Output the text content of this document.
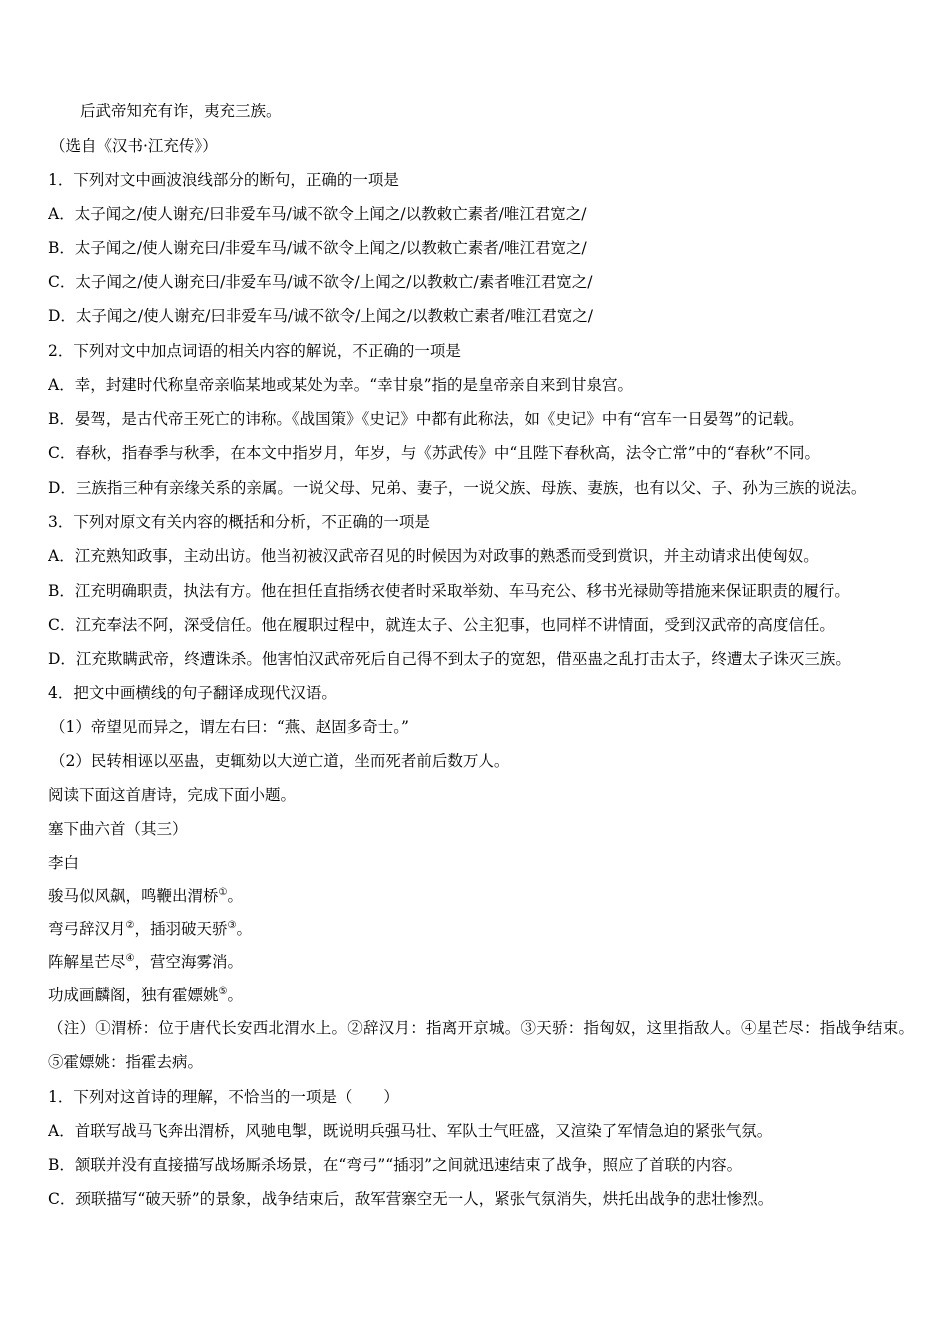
后武帝知充有诈，夷充三族。
（选自《汉书·江充传》）
1．下列对文中画波浪线部分的断句，正确的一项是
A．太子闻之/使人谢充/曰非爱车马/诚不欲令上闻之/以教敕亡素者/唯江君宽之/
B．太子闻之/使人谢充曰/非爱车马/诚不欲令上闻之/以教敕亡素者/唯江君宽之/
C．太子闻之/使人谢充曰/非爱车马/诚不欲令/上闻之/以教敕亡/素者唯江君宽之/
D．太子闻之/使人谢充/曰非爱车马/诚不欲令/上闻之/以教敕亡素者/唯江君宽之/
2．下列对文中加点词语的相关内容的解说，不正确的一项是
A．幸，封建时代称皇帝亲临某地或某处为幸。“幸甘泉”指的是皇帝亲自来到甘泉宫。
B．晏驾，是古代帝王死亡的讳称。《战国策》《史记》中都有此称法，如《史记》中有“宫车一日晏驾”的记载。
C．春秋，指春季与秋季，在本文中指岁月，年岁，与《苏武传》中“且陛下春秋高，法令亡常”中的“春秋”不同。
D．三族指三种有亲缘关系的亲属。一说父母、兄弟、妻子，一说父族、母族、妻族，也有以父、子、孙为三族的说法。
3．下列对原文有关内容的概括和分析，不正确的一项是
A．江充熟知政事，主动出访。他当初被汉武帝召见的时候因为对政事的熟悉而受到赏识，并主动请求出使匈奴。
B．江充明确职责，执法有方。他在担任直指绣衣使者时采取举劾、车马充公、移书光禄勋等措施来保证职责的履行。
C．江充奉法不阿，深受信任。他在履职过程中，就连太子、公主犯事，也同样不讲情面，受到汉武帝的高度信任。
D．江充欺瞒武帝，终遭诛杀。他害怕汉武帝死后自己得不到太子的宽恕，借巫蛊之乱打击太子，终遭太子诛灭三族。
4．把文中画横线的句子翻译成现代汉语。
（1）帝望见而异之，谓左右曰：“燕、赵固多奇士。”
（2）民转相诬以巫蛊，吏辄劾以大逆亡道，坐而死者前后数万人。
阅读下面这首唐诗，完成下面小题。
塞下曲六首（其三）
李白
骏马似风飙，鸣鞭出渭桥①。
弯弓辞汉月②，插羽破天骄③。
阵解星芒尽④，营空海雾消。
功成画麟阁，独有霍嫖姚⑤。
（注）①渭桥：位于唐代长安西北渭水上。②辞汉月：指离开京城。③天骄：指匈奴，这里指敌人。④星芒尽：指战争结束。⑤霍嫖姚：指霍去病。
1．下列对这首诗的理解，不恰当的一项是（　　）
A．首联写战马飞奔出渭桥，风驰电掣，既说明兵强马壮、军队士气旺盛，又渲染了军情急迫的紧张气氛。
B．颔联并没有直接描写战场厮杀场景，在“弯弓”“插羽”之间就迅速结束了战争，照应了首联的内容。
C．颈联描写“破天骄”的景象，战争结束后，敌军营寨空无一人，紧张气氛消失，烘托出战争的悲壮惨烈。
